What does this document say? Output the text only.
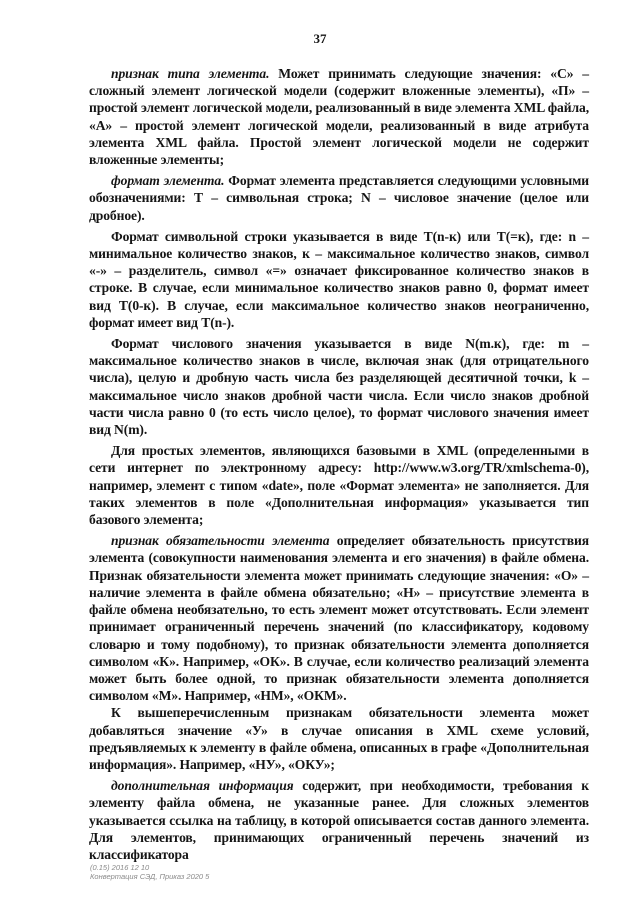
37

признак типа элемента. Может принимать следующие значения: «С» – сложный элемент логической модели (содержит вложенные элементы), «П» – простой элемент логической модели, реализованный в виде элемента XML файла, «А» – простой элемент логической модели, реализованный в виде атрибута элемента XML файла. Простой элемент логической модели не содержит вложенные элементы;

формат элемента. Формат элемента представляется следующими условными обозначениями: Т – символьная строка; N – числовое значение (целое или дробное).

Формат символьной строки указывается в виде T(n-к) или T(=к), где: n – минимальное количество знаков, к – максимальное количество знаков, символ «-» – разделитель, символ «=» означает фиксированное количество знаков в строке. В случае, если минимальное количество знаков равно 0, формат имеет вид T(0-к). В случае, если максимальное количество знаков неограниченно, формат имеет вид T(n-).

Формат числового значения указывается в виде N(m.к), где: m – максимальное количество знаков в числе, включая знак (для отрицательного числа), целую и дробную часть числа без разделяющей десятичной точки, k – максимальное число знаков дробной части числа. Если число знаков дробной части числа равно 0 (то есть число целое), то формат числового значения имеет вид N(m).

Для простых элементов, являющихся базовыми в XML (определенными в сети интернет по электронному адресу: http://www.w3.org/TR/xmlschema-0), например, элемент с типом «date», поле «Формат элемента» не заполняется. Для таких элементов в поле «Дополнительная информация» указывается тип базового элемента;

признак обязательности элемента определяет обязательность присутствия элемента (совокупности наименования элемента и его значения) в файле обмена. Признак обязательности элемента может принимать следующие значения: «О» – наличие элемента в файле обмена обязательно; «Н» – присутствие элемента в файле обмена необязательно, то есть элемент может отсутствовать. Если элемент принимает ограниченный перечень значений (по классификатору, кодовому словарю и тому подобному), то признак обязательности элемента дополняется символом «К». Например, «ОК». В случае, если количество реализаций элемента может быть более одной, то признак обязательности элемента дополняется символом «М». Например, «НМ», «ОКМ».

К вышеперечисленным признакам обязательности элемента может добавляться значение «У» в случае описания в XML схеме условий, предъявляемых к элементу в файле обмена, описанных в графе «Дополнительная информация». Например, «НУ», «ОКУ»;

дополнительная информация содержит, при необходимости, требования к элементу файла обмена, не указанные ранее. Для сложных элементов указывается ссылка на таблицу, в которой описывается состав данного элемента. Для элементов, принимающих ограниченный перечень значений из классификатора

(0.15) 2016 12 10
Конвертация СЭД, Приказ 2020 5
